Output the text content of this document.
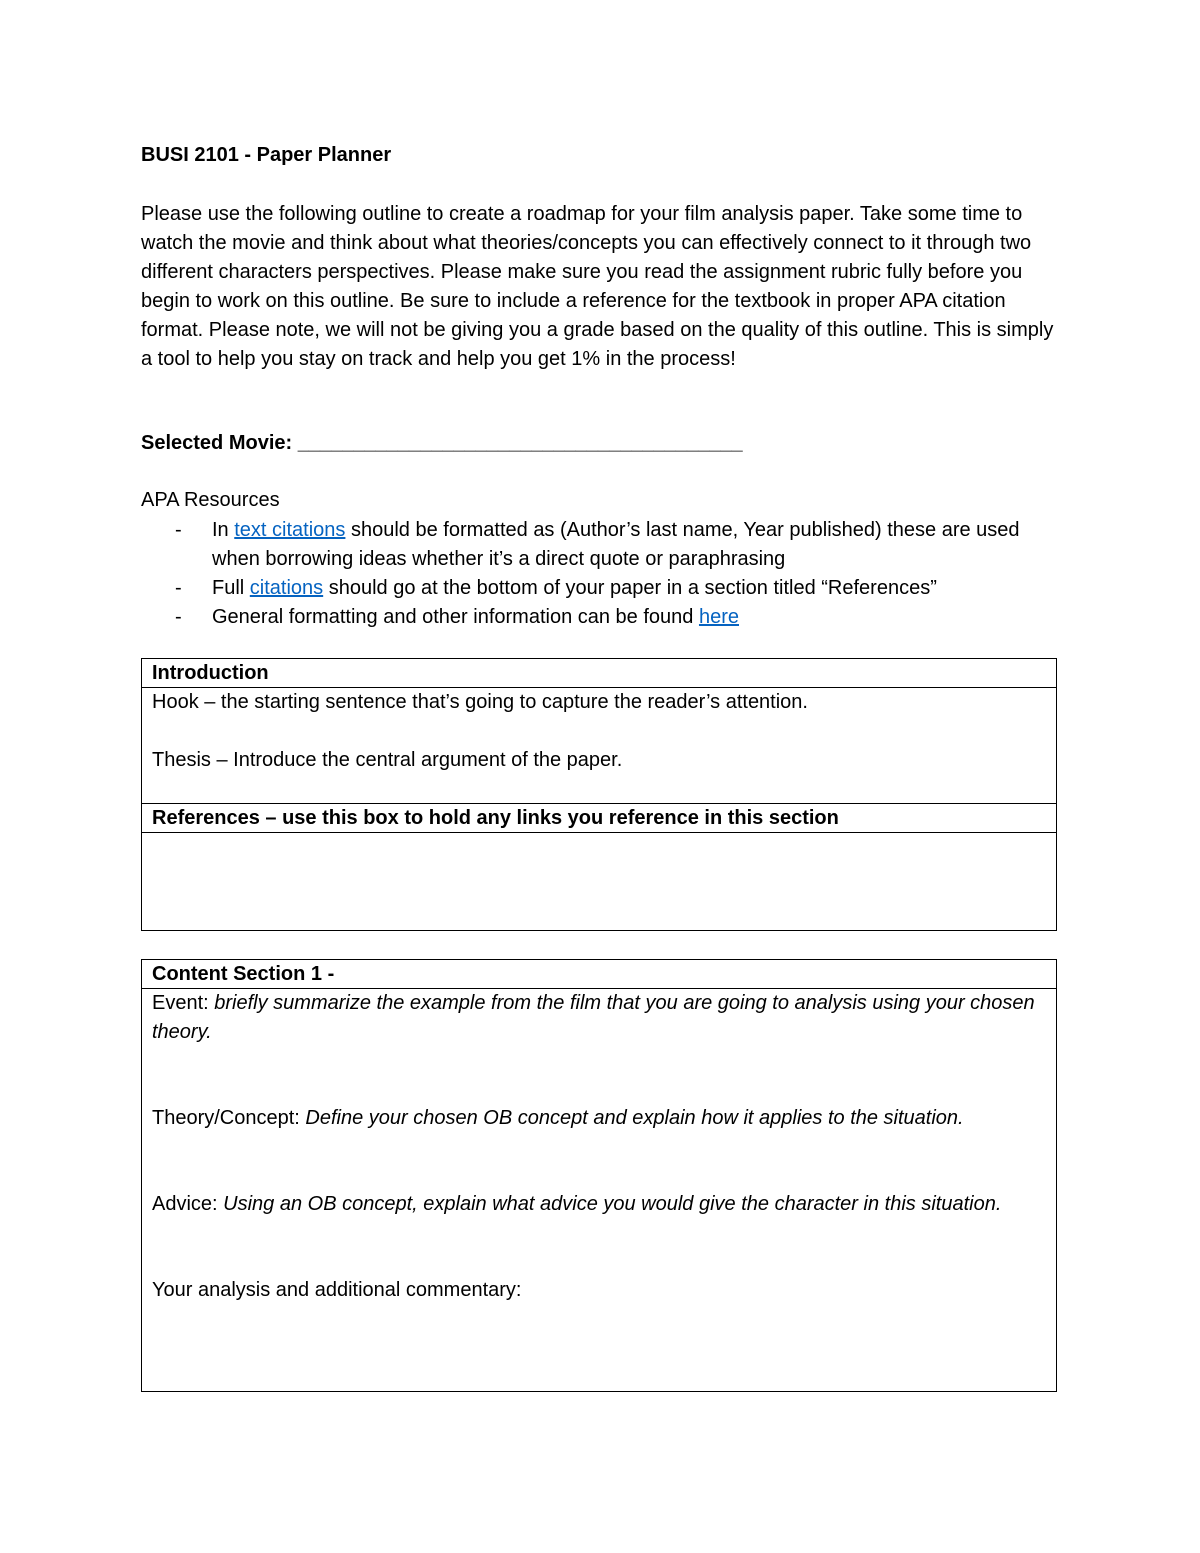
BUSI 2101 - Paper Planner
Please use the following outline to create a roadmap for your film analysis paper. Take some time to watch the movie and think about what theories/concepts you can effectively connect to it through two different characters perspectives. Please make sure you read the assignment rubric fully before you begin to work on this outline. Be sure to include a reference for the textbook in proper APA citation format. Please note, we will not be giving you a grade based on the quality of this outline. This is simply a tool to help you stay on track and help you get 1% in the process!
Selected Movie: ________________________________________
APA Resources
- In text citations should be formatted as (Author’s last name, Year published) these are used when borrowing ideas whether it’s a direct quote or paraphrasing
- Full citations should go at the bottom of your paper in a section titled “References”
- General formatting and other information can be found here
Introduction

Hook – the starting sentence that’s going to capture the reader’s attention.

Thesis – Introduce the central argument of the paper.

References – use this box to hold any links you reference in this section
Content Section 1 -

Event: briefly summarize the example from the film that you are going to analysis using your chosen theory.

Theory/Concept: Define your chosen OB concept and explain how it applies to the situation.

Advice: Using an OB concept, explain what advice you would give the character in this situation.

Your analysis and additional commentary:
